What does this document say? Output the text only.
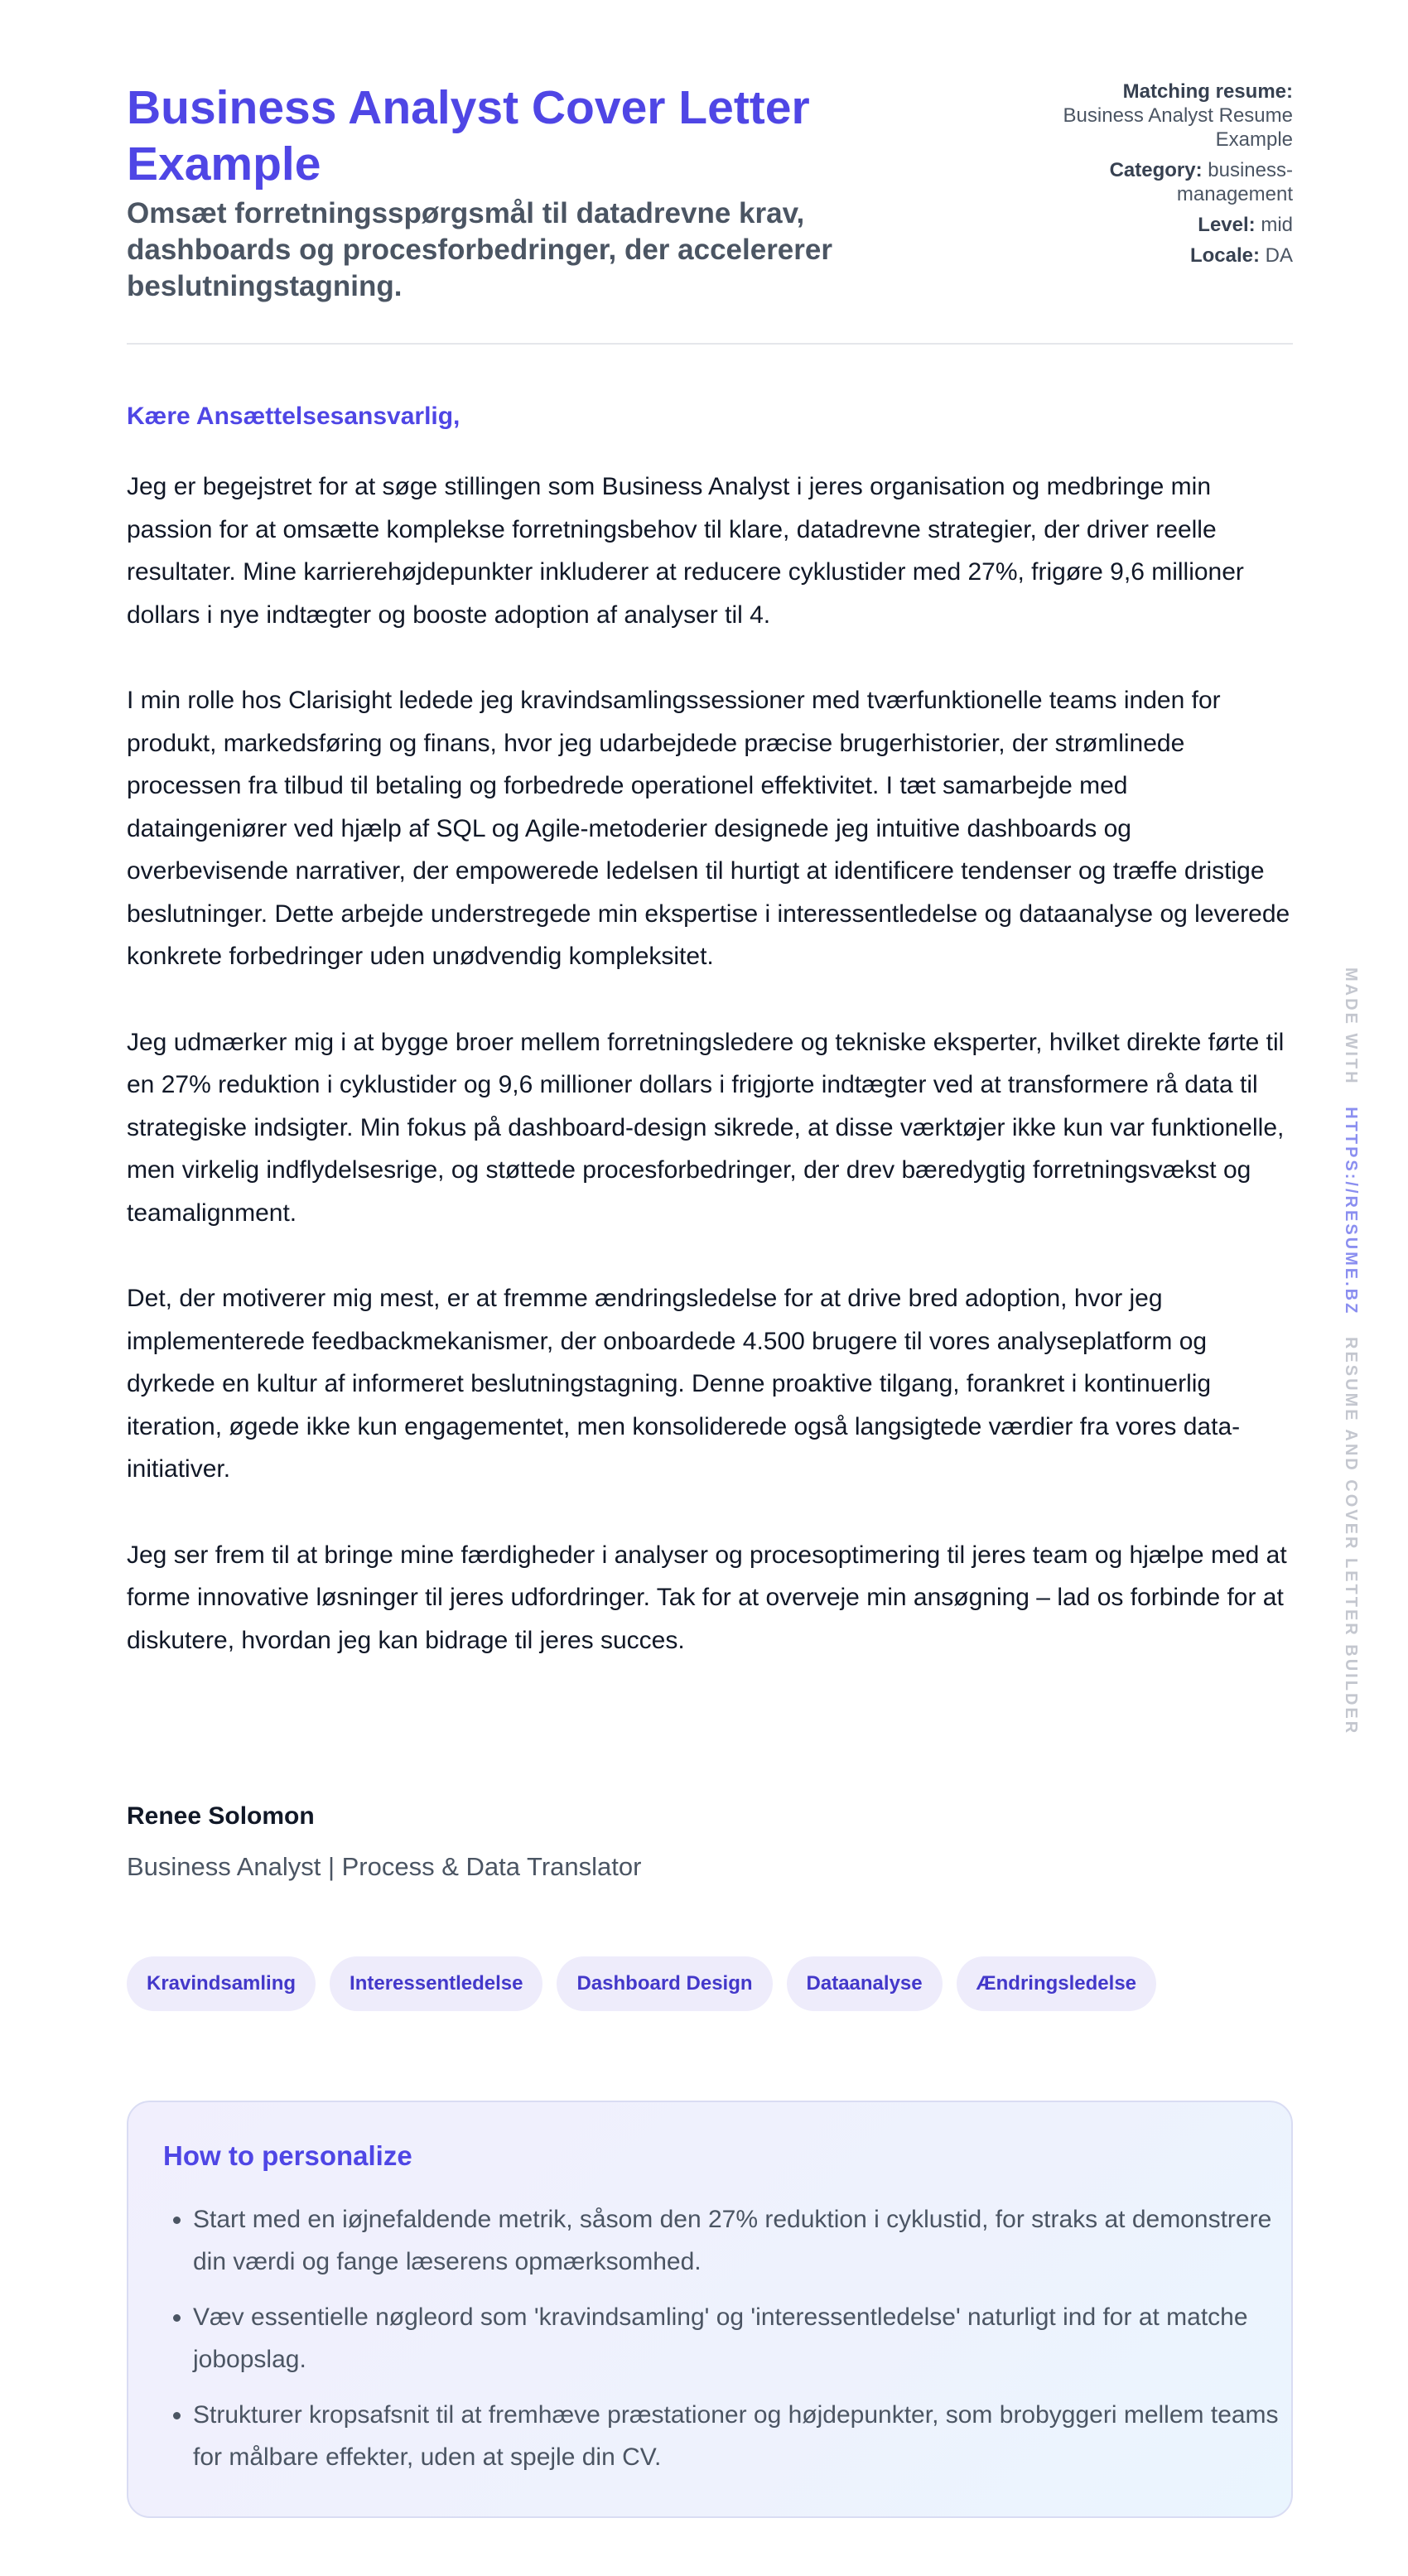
Business Analyst Cover Letter Example
Omsæt forretningsspørgsmål til datadrevne krav, dashboards og procesforbedringer, der accelererer beslutningstagning.
Matching resume:
Business Analyst Resume Example
Category: business-management
Level: mid
Locale: DA
Kære Ansættelsesansvarlig,

Jeg er begejstret for at søge stillingen som Business Analyst i jeres organisation og medbringe min passion for at omsætte komplekse forretningsbehov til klare, datadrevne strategier, der driver reelle resultater. Mine karrierehøjdepunkter inkluderer at reducere cyklustider med 27%, frigøre 9,6 millioner dollars i nye indtægter og booste adoption af analyser til 4.

I min rolle hos Clarisight ledede jeg kravindsamlingssessioner med tværfunktionelle teams inden for produkt, markedsføring og finans, hvor jeg udarbejdede præcise brugerhistorier, der strømlinede processen fra tilbud til betaling og forbedrede operationel effektivitet. I tæt samarbejde med dataingeniører ved hjælp af SQL og Agile-metoderier designede jeg intuitive dashboards og overbevisende narrativer, der empowerede ledelsen til hurtigt at identificere tendenser og træffe dristige beslutninger. Dette arbejde understregede min ekspertise i interessentledelse og dataanalyse og leverede konkrete forbedringer uden unødvendig kompleksitet.

Jeg udmærker mig i at bygge broer mellem forretningsledere og tekniske eksperter, hvilket direkte førte til en 27% reduktion i cyklustider og 9,6 millioner dollars i frigjorte indtægter ved at transformere rå data til strategiske indsigter. Min fokus på dashboard-design sikrede, at disse værktøjer ikke kun var funktionelle, men virkelig indflydelsesrige, og støttede procesforbedringer, der drev bæredygtig forretningsvækst og teamalignment.

Det, der motiverer mig mest, er at fremme ændringsledelse for at drive bred adoption, hvor jeg implementerede feedbackmekanismer, der onboardede 4.500 brugere til vores analyseplatform og dyrkede en kultur af informeret beslutningstagning. Denne proaktive tilgang, forankret i kontinuerlig iteration, øgede ikke kun engagementet, men konsoliderede også langsigtede værdier fra vores data-initiativer.

Jeg ser frem til at bringe mine færdigheder i analyser og procesoptimering til jeres team og hjælpe med at forme innovative løsninger til jeres udfordringer. Tak for at overveje min ansøgning – lad os forbinde for at diskutere, hvordan jeg kan bidrage til jeres succes.

Renee Solomon
Business Analyst | Process & Data Translator
Kravindsamling	Interessentledelse	Dashboard Design	Dataanalyse	Ændringsledelse
How to personalize
• Start med en iøjnefaldende metrik, såsom den 27% reduktion i cyklustid, for straks at demonstrere din værdi og fange læserens opmærksomhed.
• Væv essentielle nøgleord som 'kravindsamling' og 'interessentledelse' naturligt ind for at matche jobopslag.
• Strukturer kropsafsnit til at fremhæve præstationer og højdepunkter, som brobyggeri mellem teams for målbare effekter, uden at spejle din CV.
MADE WITH   HTTPS://RESUME.BZ   RESUME AND COVER LETTER BUILDER
